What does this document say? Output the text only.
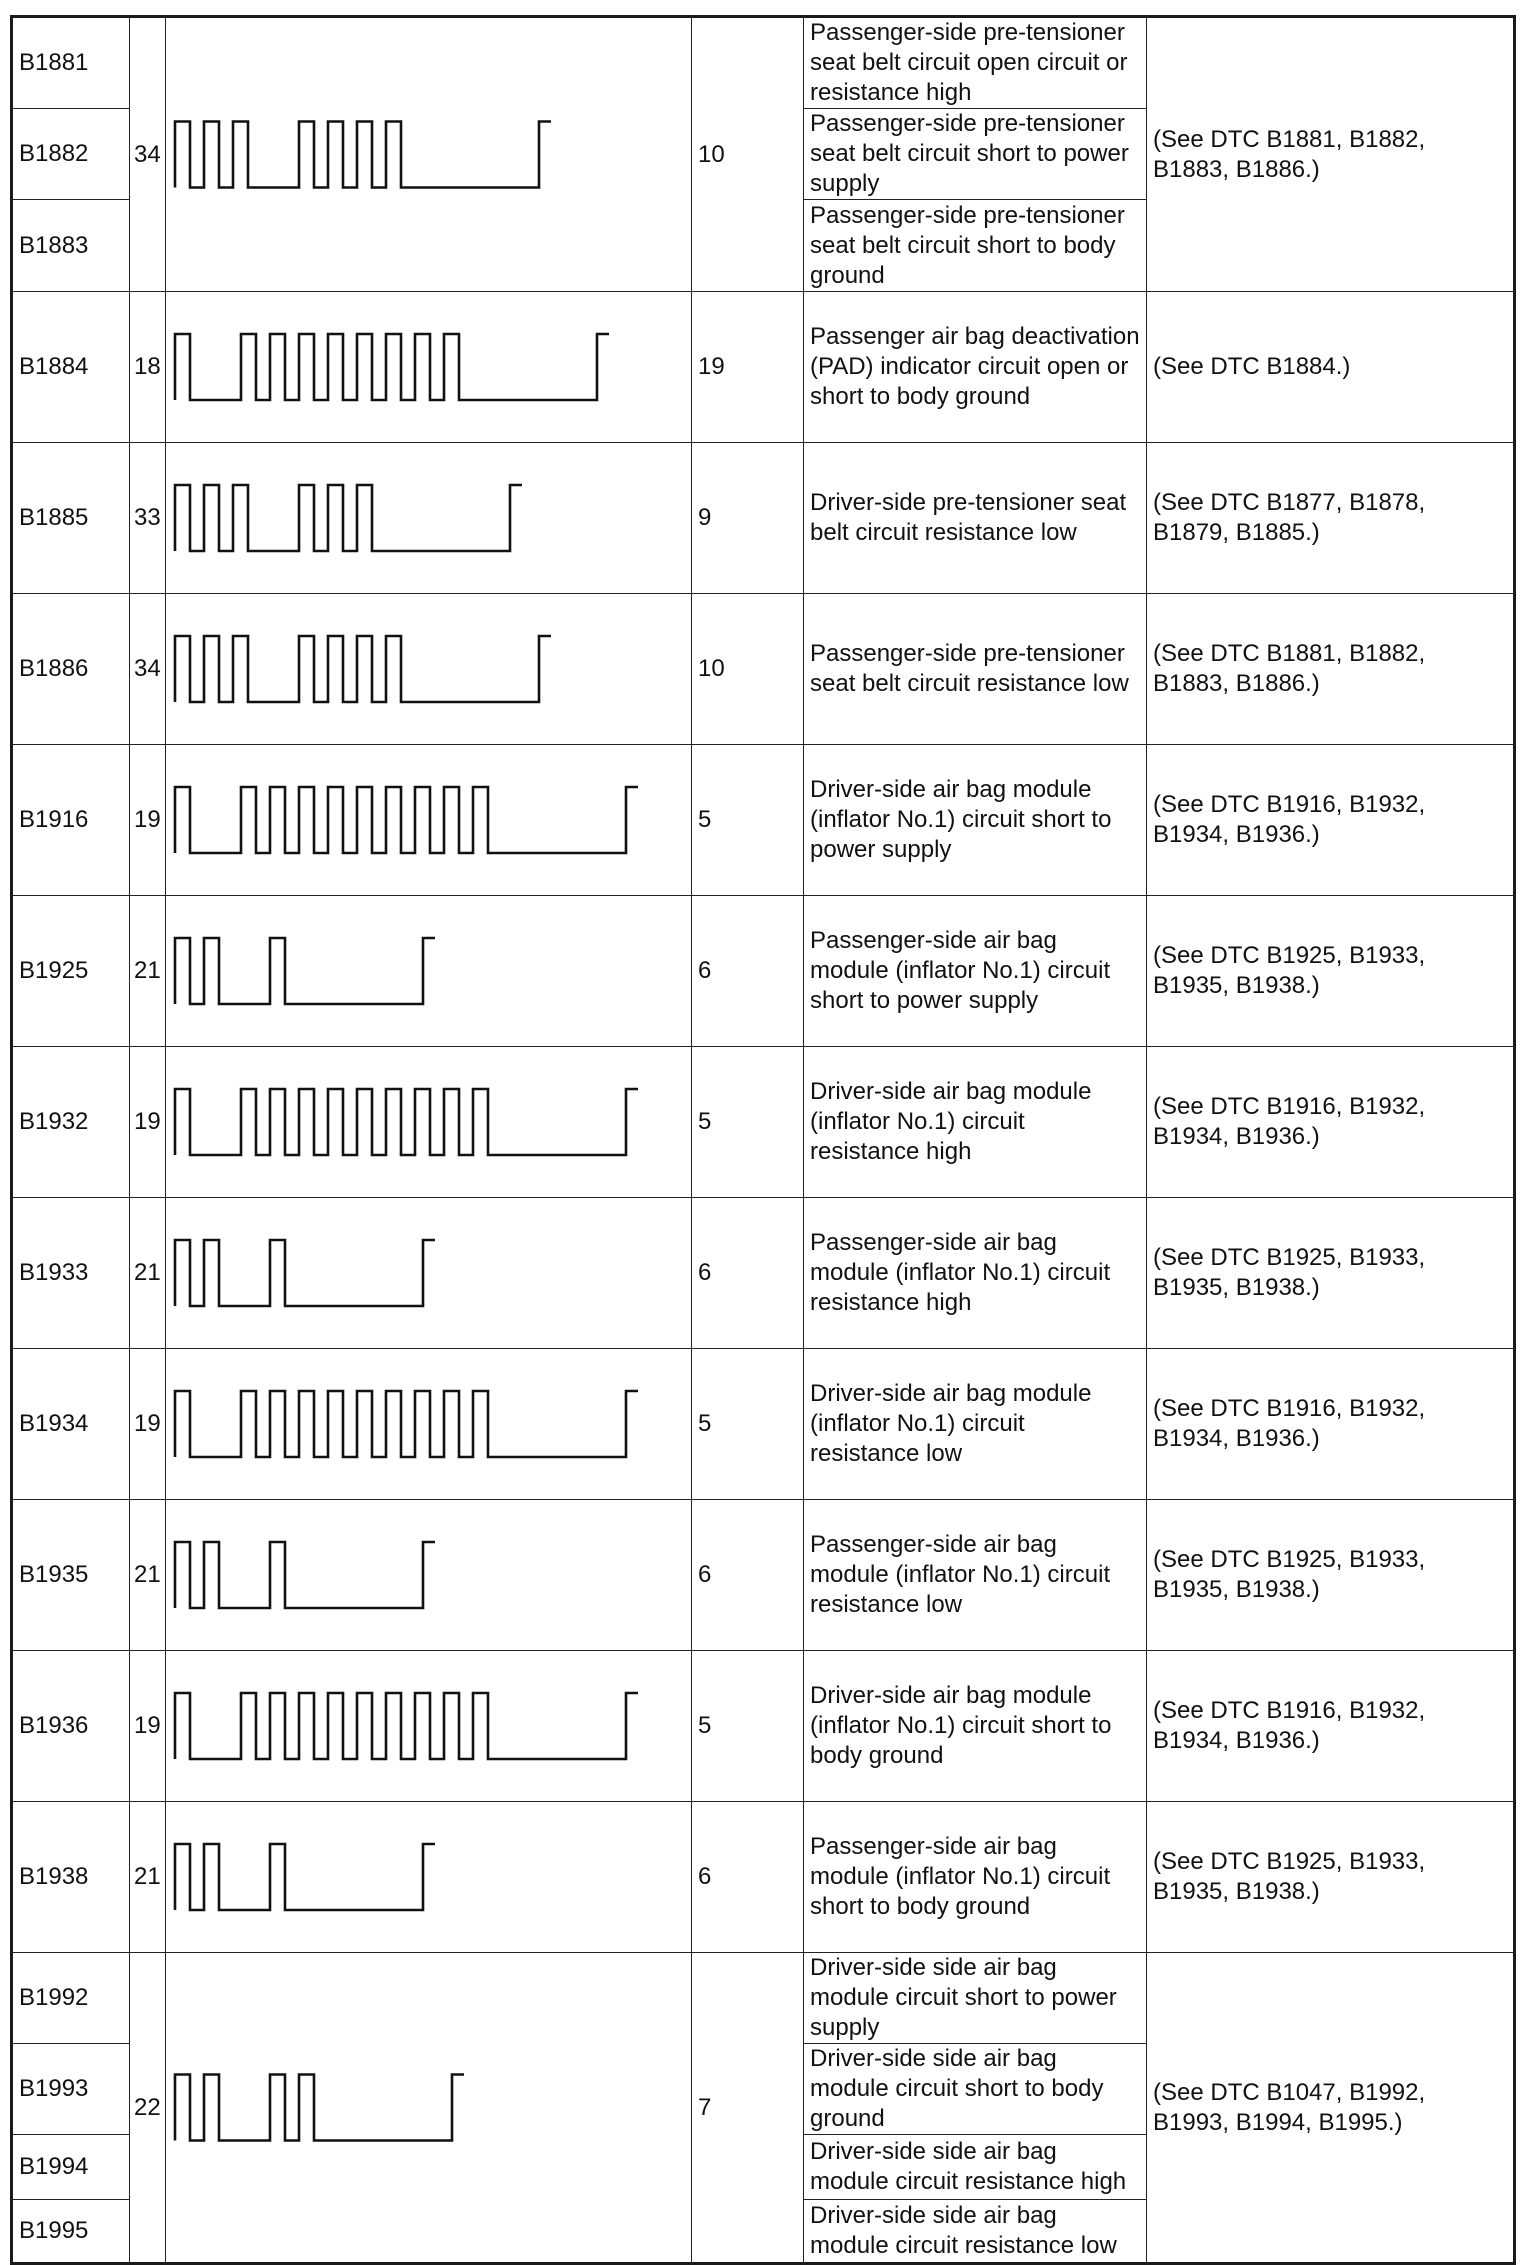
B1881	34		10	Passenger-side pre-tensioner seat belt circuit open circuit or resistance high	(See DTC B1881, B1882, B1883, B1886.)
B1882				Passenger-side pre-tensioner seat belt circuit short to power supply	
B1883				Passenger-side pre-tensioner seat belt circuit short to body ground	
B1884	18		19	Passenger air bag deactivation (PAD) indicator circuit open or short to body ground	(See DTC B1884.)
B1885	33		9	Driver-side pre-tensioner seat belt circuit resistance low	(See DTC B1877, B1878, B1879, B1885.)
B1886	34		10	Passenger-side pre-tensioner seat belt circuit resistance low	(See DTC B1881, B1882, B1883, B1886.)
B1916	19		5	Driver-side air bag module (inflator No.1) circuit short to power supply	(See DTC B1916, B1932, B1934, B1936.)
B1925	21		6	Passenger-side air bag module (inflator No.1) circuit short to power supply	(See DTC B1925, B1933, B1935, B1938.)
B1932	19		5	Driver-side air bag module (inflator No.1) circuit resistance high	(See DTC B1916, B1932, B1934, B1936.)
B1933	21		6	Passenger-side air bag module (inflator No.1) circuit resistance high	(See DTC B1925, B1933, B1935, B1938.)
B1934	19		5	Driver-side air bag module (inflator No.1) circuit resistance low	(See DTC B1916, B1932, B1934, B1936.)
B1935	21		6	Passenger-side air bag module (inflator No.1) circuit resistance low	(See DTC B1925, B1933, B1935, B1938.)
B1936	19		5	Driver-side air bag module (inflator No.1) circuit short to body ground	(See DTC B1916, B1932, B1934, B1936.)
B1938	21		6	Passenger-side air bag module (inflator No.1) circuit short to body ground	(See DTC B1925, B1933, B1935, B1938.)
B1992	22		7	Driver-side side air bag module circuit short to power supply	(See DTC B1047, B1992, B1993, B1994, B1995.)
B1993				Driver-side side air bag module circuit short to body ground	
B1994				Driver-side side air bag module circuit resistance high	
B1995				Driver-side side air bag module circuit resistance low	
